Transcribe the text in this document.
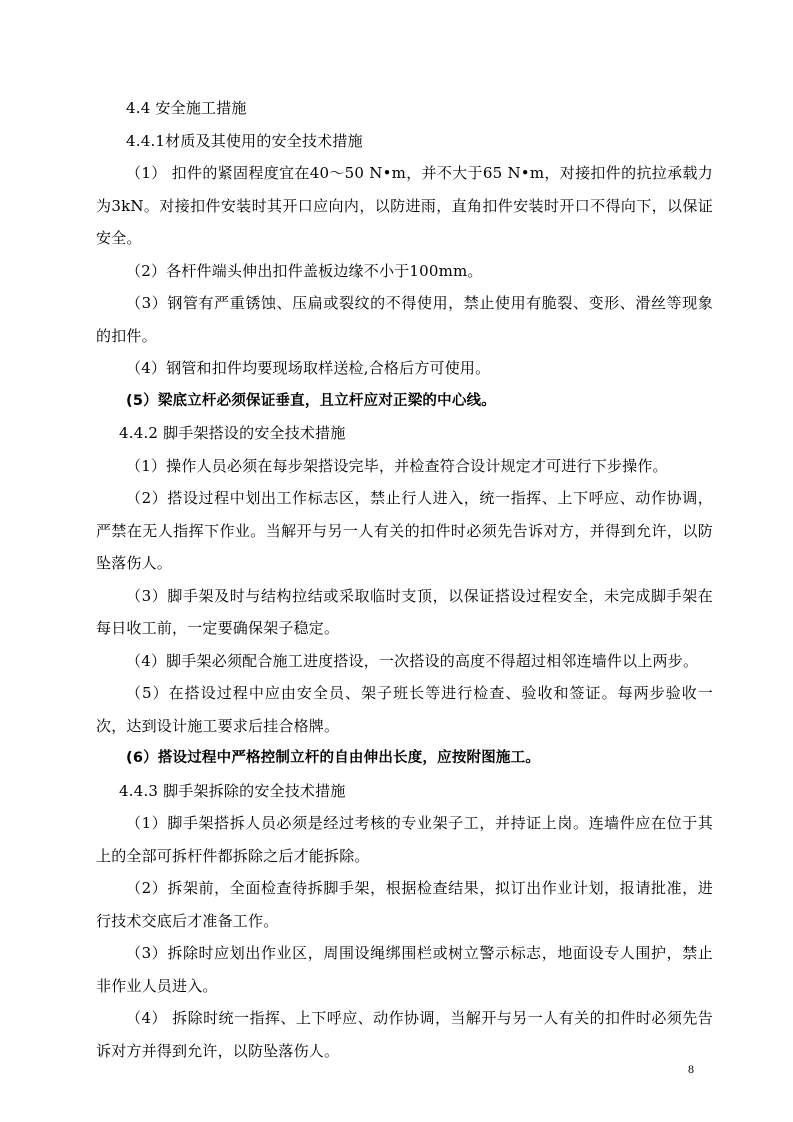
4.4 安全施工措施

4.4.1材质及其使用的安全技术措施

（1） 扣件的紧固程度宜在40～50 N•m，并不大于65 N•m，对接扣件的抗拉承载力为3kN。对接扣件安装时其开口应向内，以防进雨，直角扣件安装时开口不得向下，以保证安全。

（2）各杆件端头伸出扣件盖板边缘不小于100mm。

（3）钢管有严重锈蚀、压扁或裂纹的不得使用，禁止使用有脆裂、变形、滑丝等现象的扣件。

（4）钢管和扣件均要现场取样送检,合格后方可使用。

(5）梁底立杆必须保证垂直，且立杆应对正梁的中心线。

4.4.2 脚手架搭设的安全技术措施

（1）操作人员必须在每步架搭设完毕，并检查符合设计规定才可进行下步操作。

（2）搭设过程中划出工作标志区，禁止行人进入，统一指挥、上下呼应、动作协调，严禁在无人指挥下作业。当解开与另一人有关的扣件时必须先告诉对方，并得到允许，以防坠落伤人。

（3）脚手架及时与结构拉结或采取临时支顶，以保证搭设过程安全，未完成脚手架在每日收工前，一定要确保架子稳定。

（4）脚手架必须配合施工进度搭设，一次搭设的高度不得超过相邻连墙件以上两步。

（5）在搭设过程中应由安全员、架子班长等进行检查、验收和签证。每两步验收一次，达到设计施工要求后挂合格牌。

(6）搭设过程中严格控制立杆的自由伸出长度，应按附图施工。

4.4.3 脚手架拆除的安全技术措施

（1）脚手架搭拆人员必须是经过考核的专业架子工，并持证上岗。连墙件应在位于其上的全部可拆杆件都拆除之后才能拆除。

（2）拆架前，全面检查待拆脚手架，根据检查结果，拟订出作业计划，报请批准，进行技术交底后才准备工作。

（3）拆除时应划出作业区，周围设绳绑围栏或树立警示标志，地面设专人围护，禁止非作业人员进入。

（4） 拆除时统一指挥、上下呼应、动作协调，当解开与另一人有关的扣件时必须先告诉对方并得到允许，以防坠落伤人。

8
